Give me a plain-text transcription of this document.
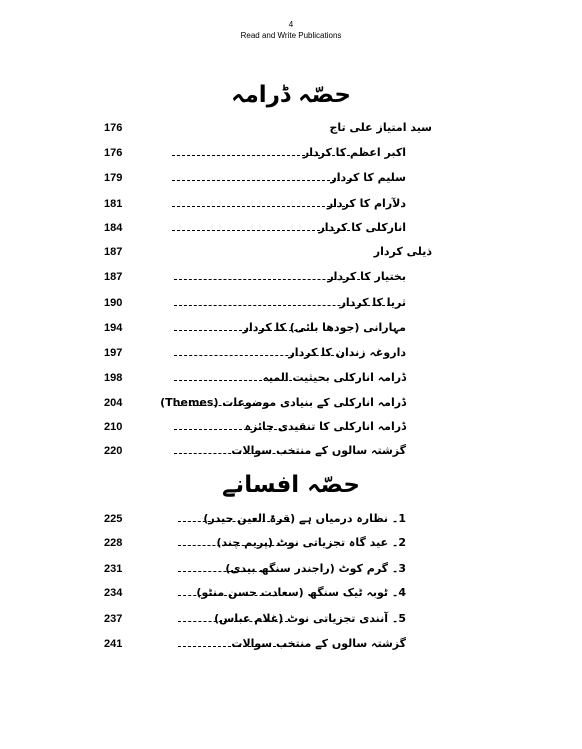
4
Read and Write Publications
حصّہ ڈرامہ
176	سید امتیاز علی تاج
176	اکبر اعظم کا کردار
179	سلیم کا کردار
181	دلآرام کا کردار
184	انارکلی کا کردار
187	ذیلی کردار
187	بختیار کا کردار
190	ثریا کا کردار
194	مہارانی (جودھا بائی) کا کردار
197	داروغہ زندان کا کردار
198	ڈرامہ انارکلی بحیثیت المیہ
204	ڈرامہ انارکلی کے بنیادی موضوعات (Themes)
210	ڈرامہ انارکلی کا تنقیدی جائزہ
220	گزشتہ سالوں کے منتخب سوالات
حصّہ افسانے
225	1۔ نظارہ درمیاں ہے (قرۃ العین حیدر)
228	2۔ عید گاہ تجزیاتی نوٹ (پریم چند)
231	3۔ گرم کوٹ (راجندر سنگھ بیدی)
234	4۔ ٹوبہ ٹیک سنگھ (سعادت حسن منٹو)
237	5۔ آنندی تجزیاتی نوٹ (غلام عباس)
241	گزشتہ سالوں کے منتخب سوالات
